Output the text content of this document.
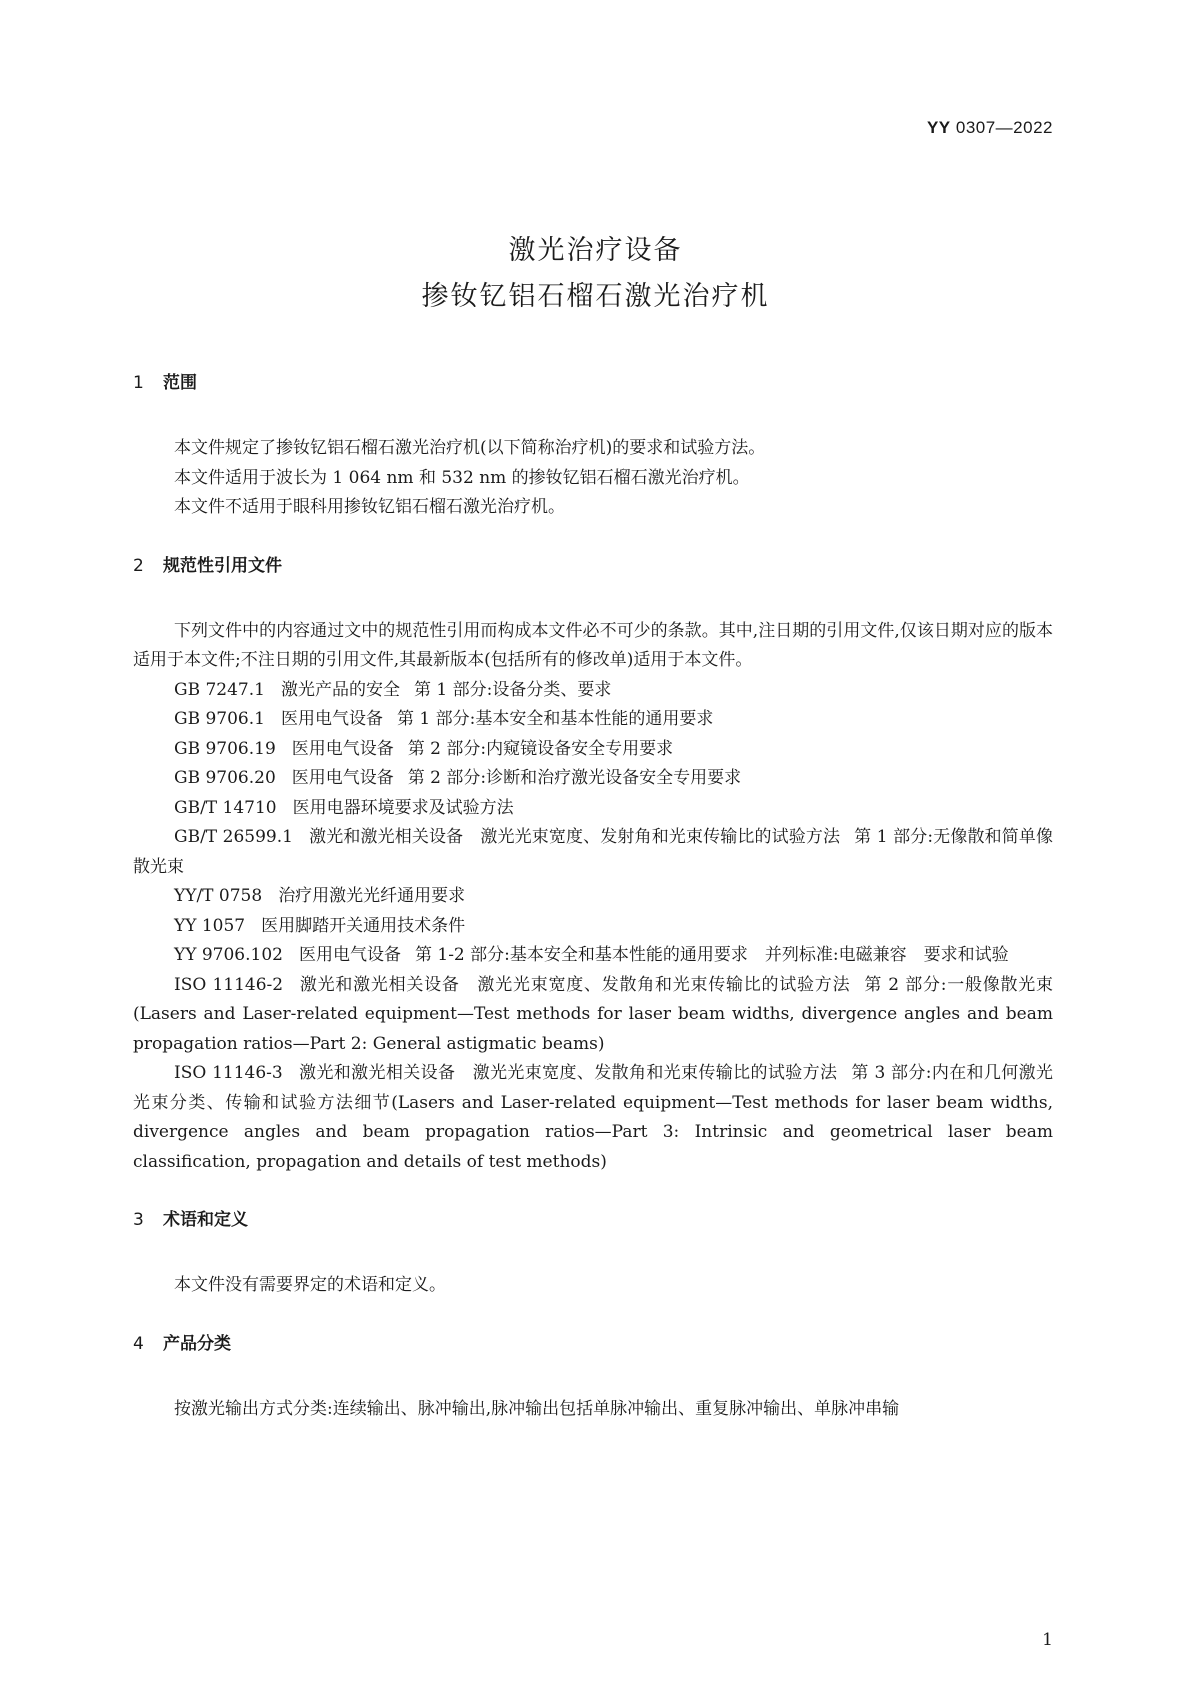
YY 0307—2022
激光治疗设备
掺钕钇铝石榴石激光治疗机
1 范围

本文件规定了掺钕钇铝石榴石激光治疗机(以下简称治疗机)的要求和试验方法。

本文件适用于波长为 1 064 nm 和 532 nm 的掺钕钇铝石榴石激光治疗机。

本文件不适用于眼科用掺钕钇铝石榴石激光治疗机。

2 规范性引用文件

下列文件中的内容通过文中的规范性引用而构成本文件必不可少的条款。其中,注日期的引用文件,仅该日期对应的版本适用于本文件;不注日期的引用文件,其最新版本(包括所有的修改单)适用于本文件。

GB 7247.1 激光产品的安全 第 1 部分:设备分类、要求

GB 9706.1 医用电气设备 第 1 部分:基本安全和基本性能的通用要求

GB 9706.19 医用电气设备 第 2 部分:内窥镜设备安全专用要求

GB 9706.20 医用电气设备 第 2 部分:诊断和治疗激光设备安全专用要求

GB/T 14710 医用电器环境要求及试验方法

GB/T 26599.1 激光和激光相关设备　激光光束宽度、发射角和光束传输比的试验方法 第 1 部分:无像散和简单像散光束

YY/T 0758 治疗用激光光纤通用要求

YY 1057 医用脚踏开关通用技术条件

YY 9706.102 医用电气设备 第 1-2 部分:基本安全和基本性能的通用要求　并列标准:电磁兼容　要求和试验

ISO 11146-2 激光和激光相关设备　激光光束宽度、发散角和光束传输比的试验方法 第 2 部分:一般像散光束(Lasers and Laser-related equipment—Test methods for laser beam widths, divergence angles and beam propagation ratios—Part 2: General astigmatic beams)

ISO 11146-3 激光和激光相关设备　激光光束宽度、发散角和光束传输比的试验方法 第 3 部分:内在和几何激光光束分类、传输和试验方法细节(Lasers and Laser-related equipment—Test methods for laser beam widths, divergence angles and beam propagation ratios—Part 3: Intrinsic and geometrical laser beam classification, propagation and details of test methods)

3 术语和定义

本文件没有需要界定的术语和定义。

4 产品分类

按激光输出方式分类:连续输出、脉冲输出,脉冲输出包括单脉冲输出、重复脉冲输出、单脉冲串输

1
